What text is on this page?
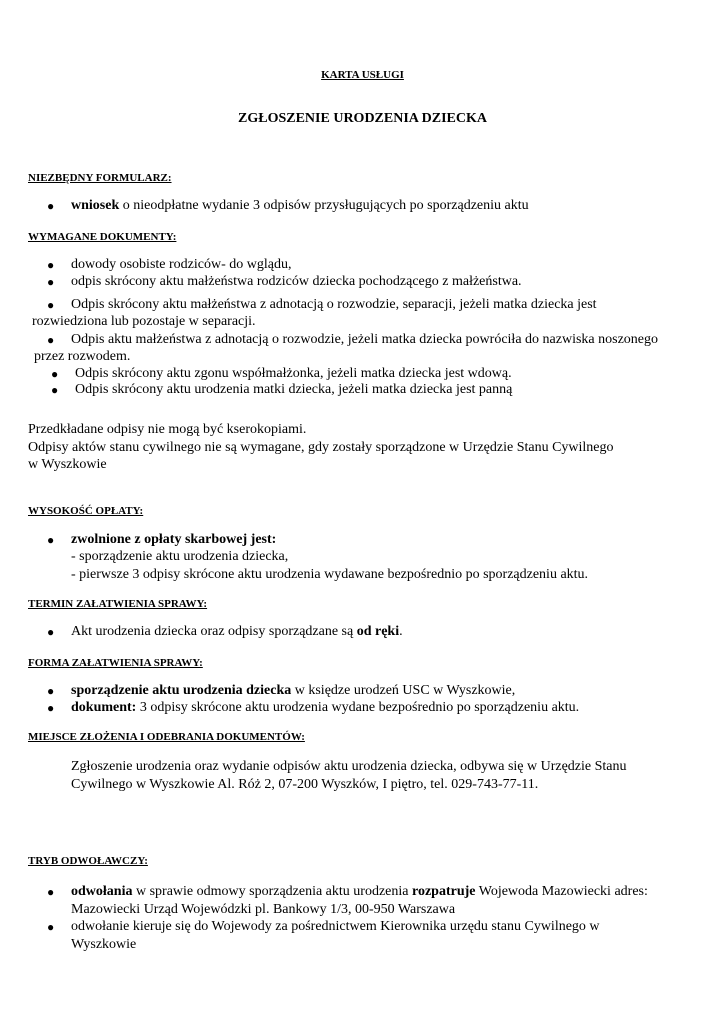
KARTA USŁUGI
ZGŁOSZENIE URODZENIA DZIECKA
NIEZBĘDNY FORMULARZ:
● wniosek o nieodpłatne wydanie 3 odpisów przysługujących po sporządzeniu aktu
WYMAGANE DOKUMENTY:
● dowody osobiste rodziców- do wglądu,
● odpis skrócony aktu małżeństwa rodziców dziecka pochodzącego z małżeństwa.
● Odpis skrócony aktu małżeństwa z adnotacją o rozwodzie, separacji, jeżeli matka dziecka jest
rozwiedziona lub pozostaje w separacji.
● Odpis aktu małżeństwa z adnotacją o rozwodzie, jeżeli matka dziecka powróciła do nazwiska noszonego
przez rozwodem.
● Odpis skrócony aktu zgonu współmałżonka, jeżeli matka dziecka jest wdową.
● Odpis skrócony aktu urodzenia matki dziecka, jeżeli matka dziecka jest panną
Przedkładane odpisy nie mogą być kserokopiami.
Odpisy aktów stanu cywilnego nie są wymagane, gdy zostały sporządzone w Urzędzie Stanu Cywilnego
w Wyszkowie
WYSOKOŚĆ OPŁATY:
● zwolnione z opłaty skarbowej jest:
- sporządzenie aktu urodzenia dziecka,
- pierwsze 3 odpisy skrócone aktu urodzenia wydawane bezpośrednio po sporządzeniu aktu.
TERMIN ZAŁATWIENIA SPRAWY:
● Akt urodzenia dziecka oraz odpisy sporządzane są od ręki.
FORMA ZAŁATWIENIA SPRAWY:
● sporządzenie aktu urodzenia dziecka w księdze urodzeń USC w Wyszkowie,
● dokument: 3 odpisy skrócone aktu urodzenia wydane bezpośrednio po sporządzeniu aktu.
MIEJSCE ZŁOŻENIA I ODEBRANIA DOKUMENTÓW:
Zgłoszenie urodzenia oraz wydanie odpisów aktu urodzenia dziecka, odbywa się w Urzędzie Stanu
Cywilnego w Wyszkowie Al. Róż 2, 07-200 Wyszków, I piętro, tel. 029-743-77-11.
TRYB ODWOŁAWCZY:
● odwołania w sprawie odmowy sporządzenia aktu urodzenia rozpatruje Wojewoda Mazowiecki adres:
Mazowiecki Urząd Wojewódzki pl. Bankowy 1/3, 00-950 Warszawa
● odwołanie kieruje się do Wojewody za pośrednictwem Kierownika urzędu stanu Cywilnego w
Wyszkowie
